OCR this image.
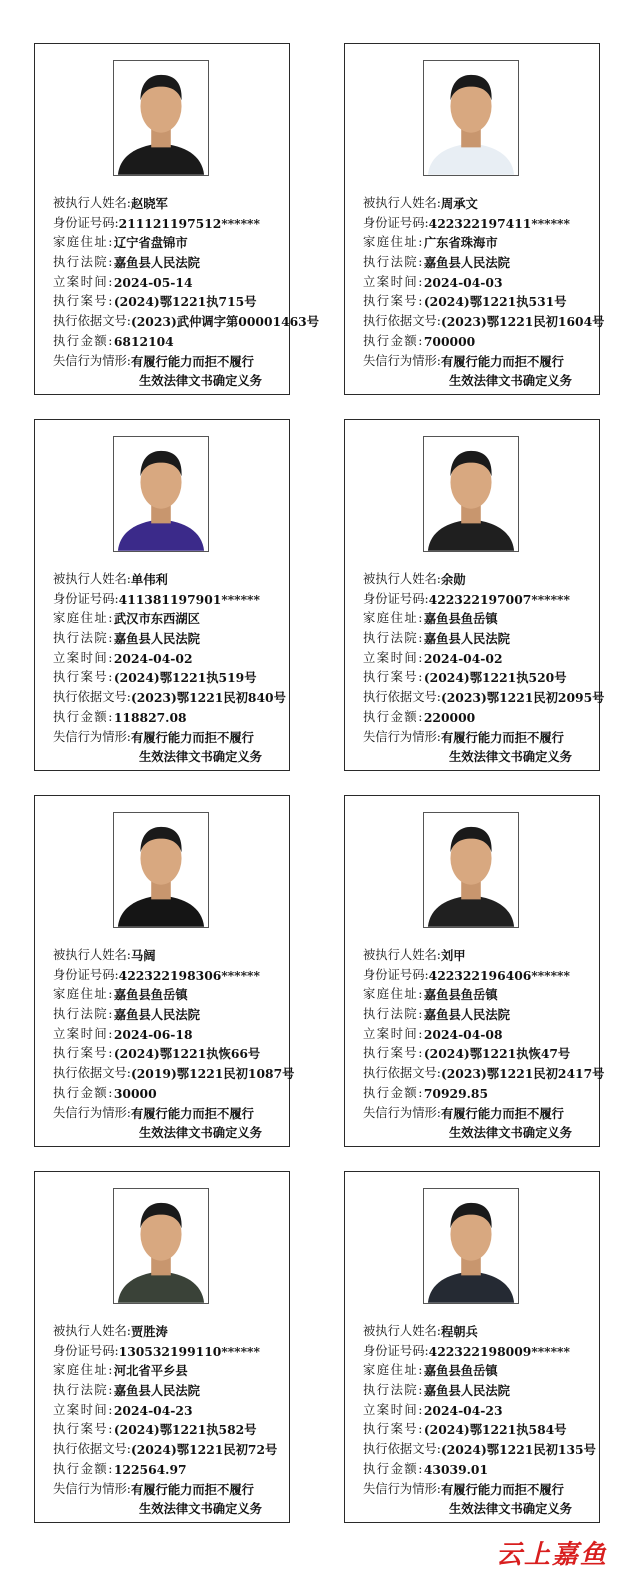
被执行人姓名: 赵晓军
身份证号码: 211121197512******
家庭住址: 辽宁省盘锦市
执行法院: 嘉鱼县人民法院
立案时间: 2024-05-14
执行案号: (2024)鄂1221执715号
执行依据文号: (2023)武仲调字第00001463号
执行金额: 6812104
失信行为情形: 有履行能力而拒不履行
生效法律文书确定义务
被执行人姓名: 周承文
身份证号码: 422322197411******
家庭住址: 广东省珠海市
执行法院: 嘉鱼县人民法院
立案时间: 2024-04-03
执行案号: (2024)鄂1221执531号
执行依据文号: (2023)鄂1221民初1604号
执行金额: 700000
失信行为情形: 有履行能力而拒不履行
生效法律文书确定义务
被执行人姓名: 单伟利
身份证号码: 411381197901******
家庭住址: 武汉市东西湖区
执行法院: 嘉鱼县人民法院
立案时间: 2024-04-02
执行案号: (2024)鄂1221执519号
执行依据文号: (2023)鄂1221民初840号
执行金额: 118827.08
失信行为情形: 有履行能力而拒不履行
生效法律文书确定义务
被执行人姓名: 余勋
身份证号码: 422322197007******
家庭住址: 嘉鱼县鱼岳镇
执行法院: 嘉鱼县人民法院
立案时间: 2024-04-02
执行案号: (2024)鄂1221执520号
执行依据文号: (2023)鄂1221民初2095号
执行金额: 220000
失信行为情形: 有履行能力而拒不履行
生效法律文书确定义务
被执行人姓名: 马阔
身份证号码: 422322198306******
家庭住址: 嘉鱼县鱼岳镇
执行法院: 嘉鱼县人民法院
立案时间: 2024-06-18
执行案号: (2024)鄂1221执恢66号
执行依据文号: (2019)鄂1221民初1087号
执行金额: 30000
失信行为情形: 有履行能力而拒不履行
生效法律文书确定义务
被执行人姓名: 刘甲
身份证号码: 422322196406******
家庭住址: 嘉鱼县鱼岳镇
执行法院: 嘉鱼县人民法院
立案时间: 2024-04-08
执行案号: (2024)鄂1221执恢47号
执行依据文号: (2023)鄂1221民初2417号
执行金额: 70929.85
失信行为情形: 有履行能力而拒不履行
生效法律文书确定义务
被执行人姓名: 贾胜涛
身份证号码: 130532199110******
家庭住址: 河北省平乡县
执行法院: 嘉鱼县人民法院
立案时间: 2024-04-23
执行案号: (2024)鄂1221执582号
执行依据文号: (2024)鄂1221民初72号
执行金额: 122564.97
失信行为情形: 有履行能力而拒不履行
生效法律文书确定义务
被执行人姓名: 程朝兵
身份证号码: 422322198009******
家庭住址: 嘉鱼县鱼岳镇
执行法院: 嘉鱼县人民法院
立案时间: 2024-04-23
执行案号: (2024)鄂1221执584号
执行依据文号: (2024)鄂1221民初135号
执行金额: 43039.01
失信行为情形: 有履行能力而拒不履行
生效法律文书确定义务
云上嘉鱼
